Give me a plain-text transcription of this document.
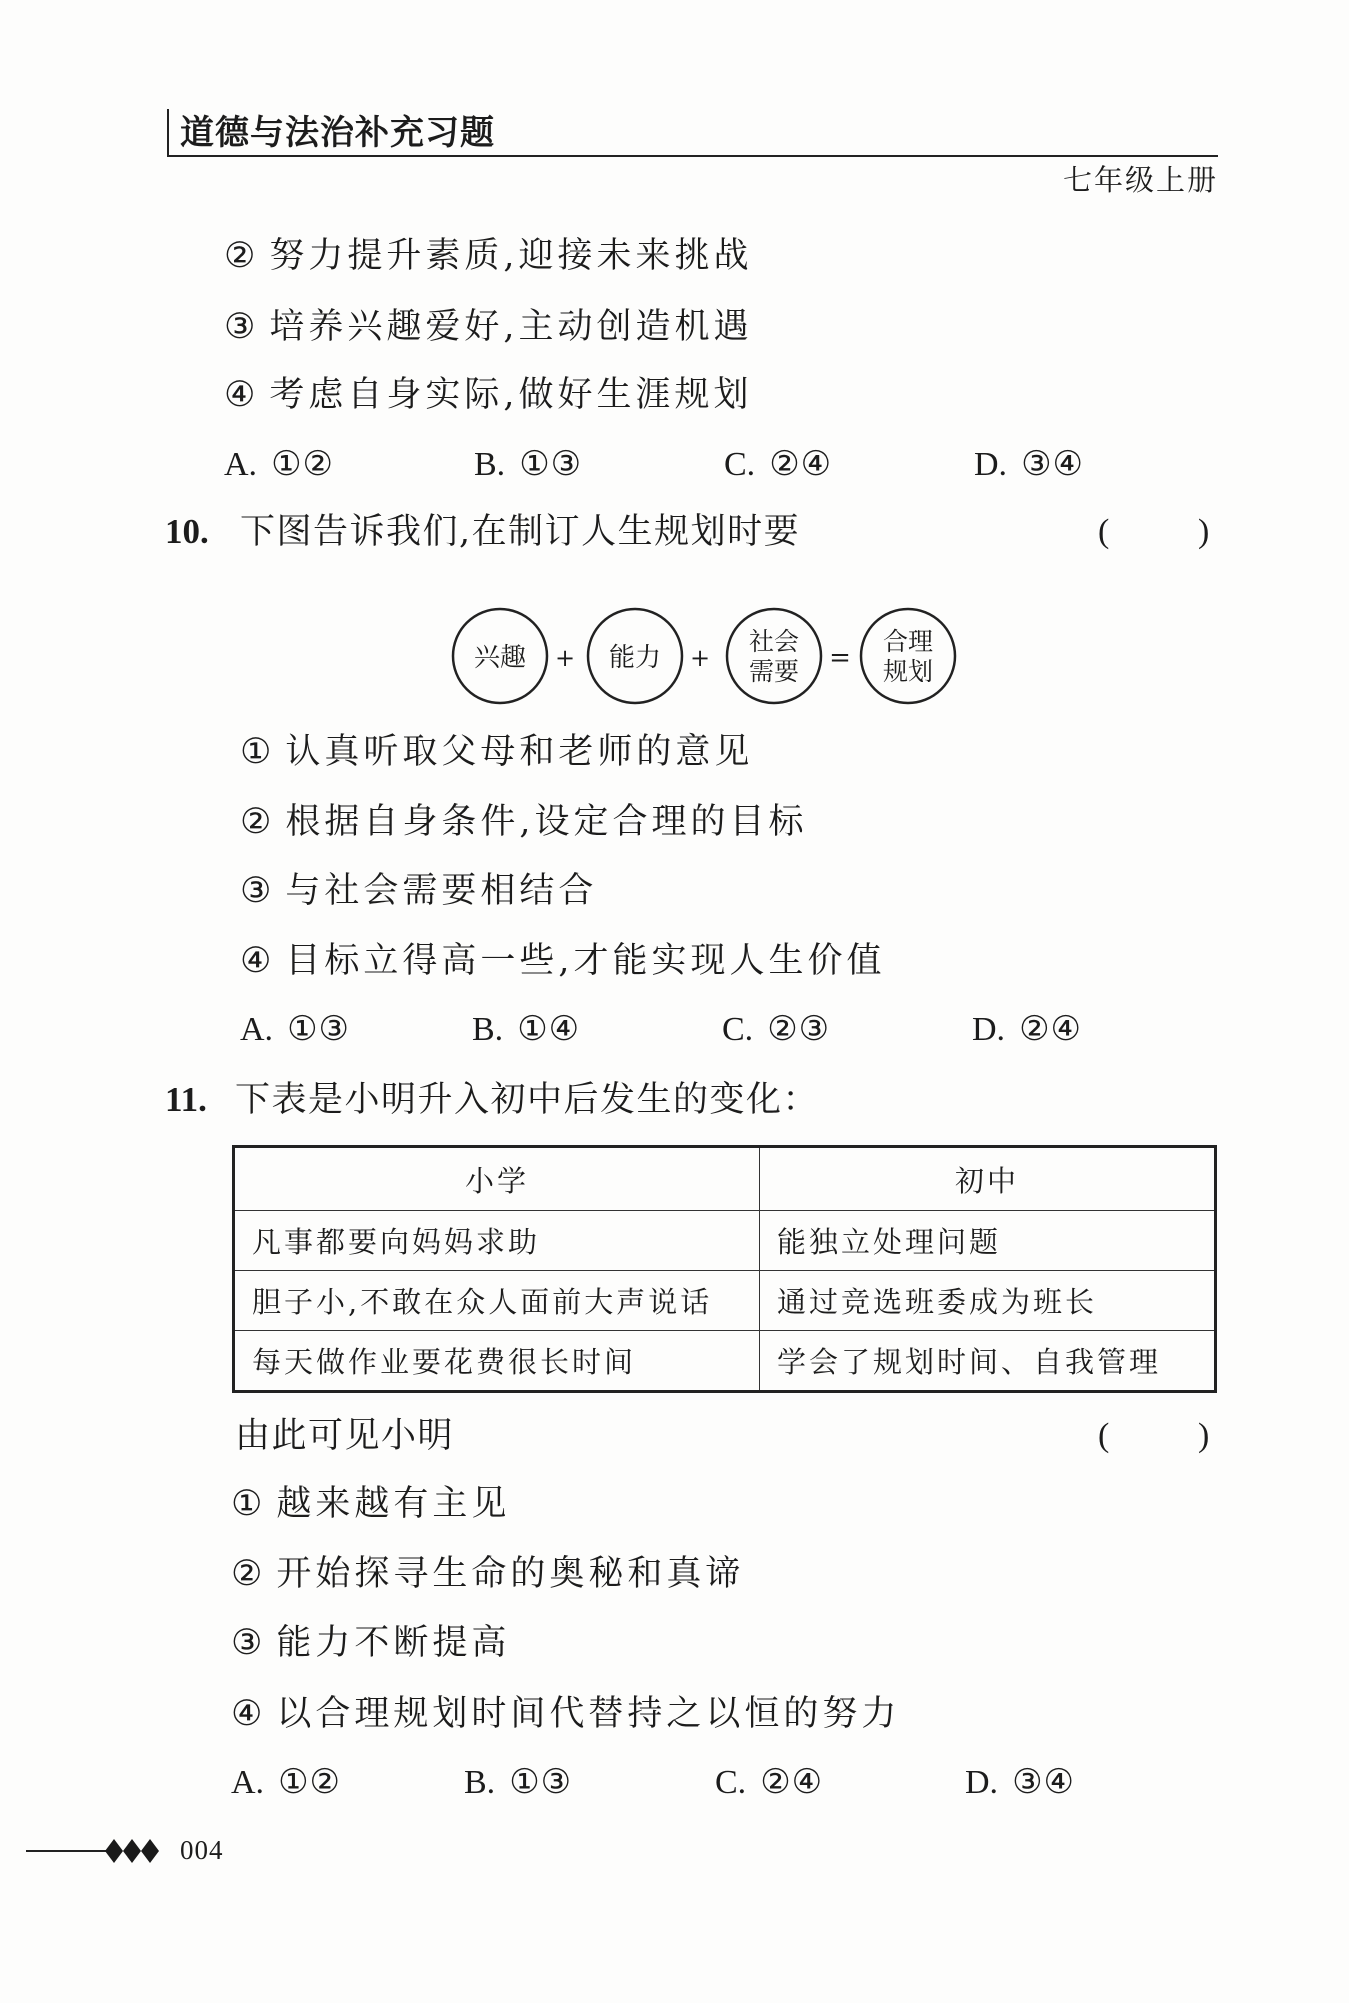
道德与法治补充习题
七年级上册
② 努力提升素质,迎接未来挑战
③ 培养兴趣爱好,主动创造机遇
④ 考虑自身实际,做好生涯规划
A. ①②	B. ①③	C. ②④	D. ③④
10. 下图告诉我们,在制订人生规划时要	(	)
兴趣 + 能力 +
社会
需要 =
合理
规划
① 认真听取父母和老师的意见
② 根据自身条件,设定合理的目标
③ 与社会需要相结合
④ 目标立得高一些,才能实现人生价值
A. ①③	B. ①④	C. ②③	D. ②④
11. 下表是小明升入初中后发生的变化：
小学	初中
凡事都要向妈妈求助	能独立处理问题
胆子小,不敢在众人面前大声说话	通过竞选班委成为班长
每天做作业要花费很长时间	学会了规划时间、自我管理
由此可见小明	(	)
① 越来越有主见
② 开始探寻生命的奥秘和真谛
③ 能力不断提高
④ 以合理规划时间代替持之以恒的努力
A. ①②	B. ①③	C. ②④	D. ③④
004
